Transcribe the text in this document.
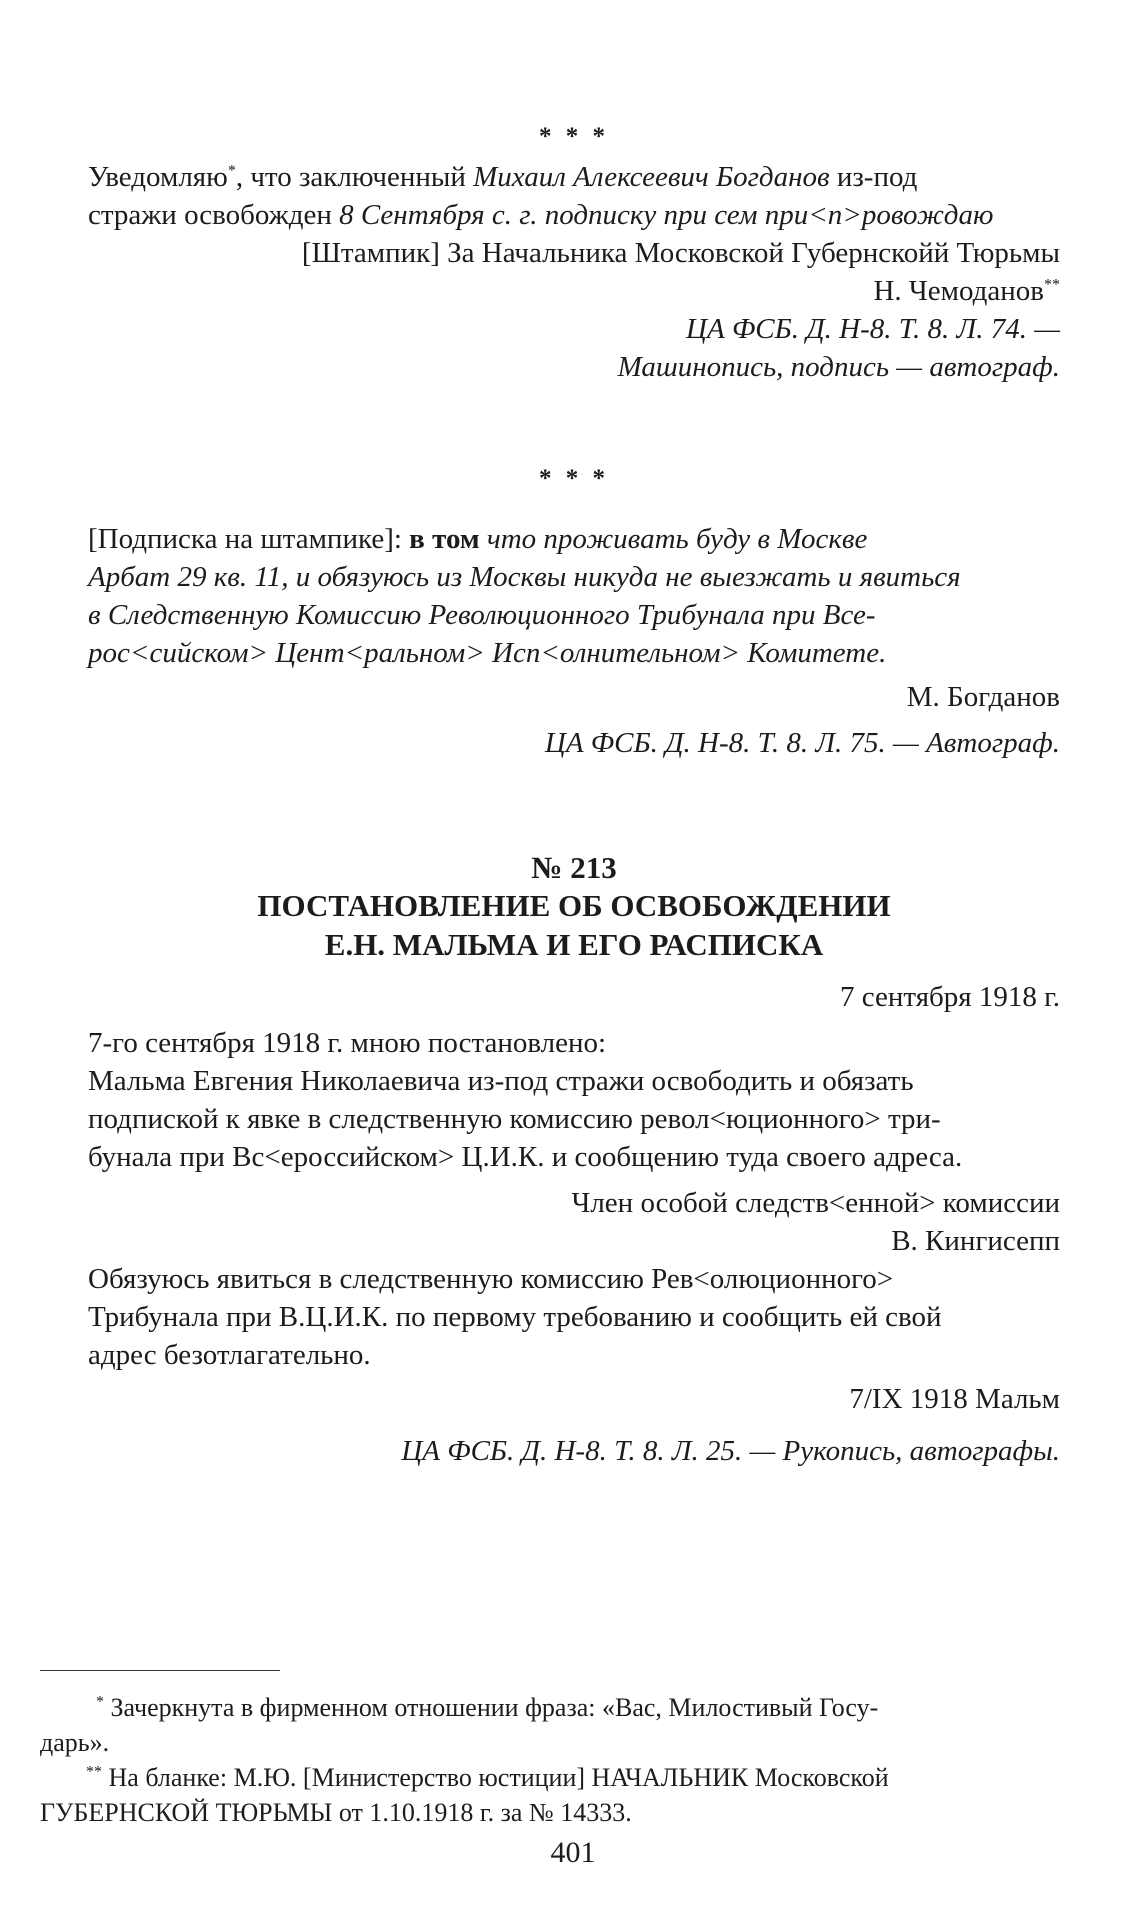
* * *

Уведомляю*, что заключенный Михаил Алексеевич Богданов из-под

стражи освобожден 8 Сентября с. г. подписку при сем при<п>ровождаю

[Штампик] За Начальника Московской Губернскойй Тюрьмы

Н. Чемоданов**

ЦА ФСБ. Д. Н-8. Т. 8. Л. 74. —

Машинопись, подпись — автограф.

* * *

[Подписка на штампике]: в том что проживать буду в Москве

Арбат 29 кв. 11, и обязуюсь из Москвы никуда не выезжать и явиться

в Следственную Комиссию Революционного Трибунала при Все-

рос<сийском> Цент<ральном> Исп<олнительном> Комитете.

М. Богданов

ЦА ФСБ. Д. Н-8. Т. 8. Л. 75. — Автограф.

№ 213

ПОСТАНОВЛЕНИЕ ОБ ОСВОБОЖДЕНИИ

Е.Н. МАЛЬМА И ЕГО РАСПИСКА

7 сентября 1918 г.

7-го сентября 1918 г. мною постановлено:

Мальма Евгения Николаевича из-под стражи освободить и обязать

подпиской к явке в следственную комиссию револ<юционного> три-

бунала при Вс<ероссийском> Ц.И.К. и сообщению туда своего адреса.

Член особой следств<енной> комиссии

В. Кингисепп

Обязуюсь явиться в следственную комиссию Рев<олюционного>

Трибунала при В.Ц.И.К. по первому требованию и сообщить ей свой

адрес безотлагательно.

7/IX 1918 Мальм

ЦА ФСБ. Д. Н-8. Т. 8. Л. 25. — Рукопись, автографы.

* Зачеркнута в фирменном отношении фраза: «Вас, Милостивый Госу-

дарь».

** На бланке: М.Ю. [Министерство юстиции] НАЧАЛЬНИК Московской

ГУБЕРНСКОЙ ТЮРЬМЫ от 1.10.1918 г. за № 14333.

401
